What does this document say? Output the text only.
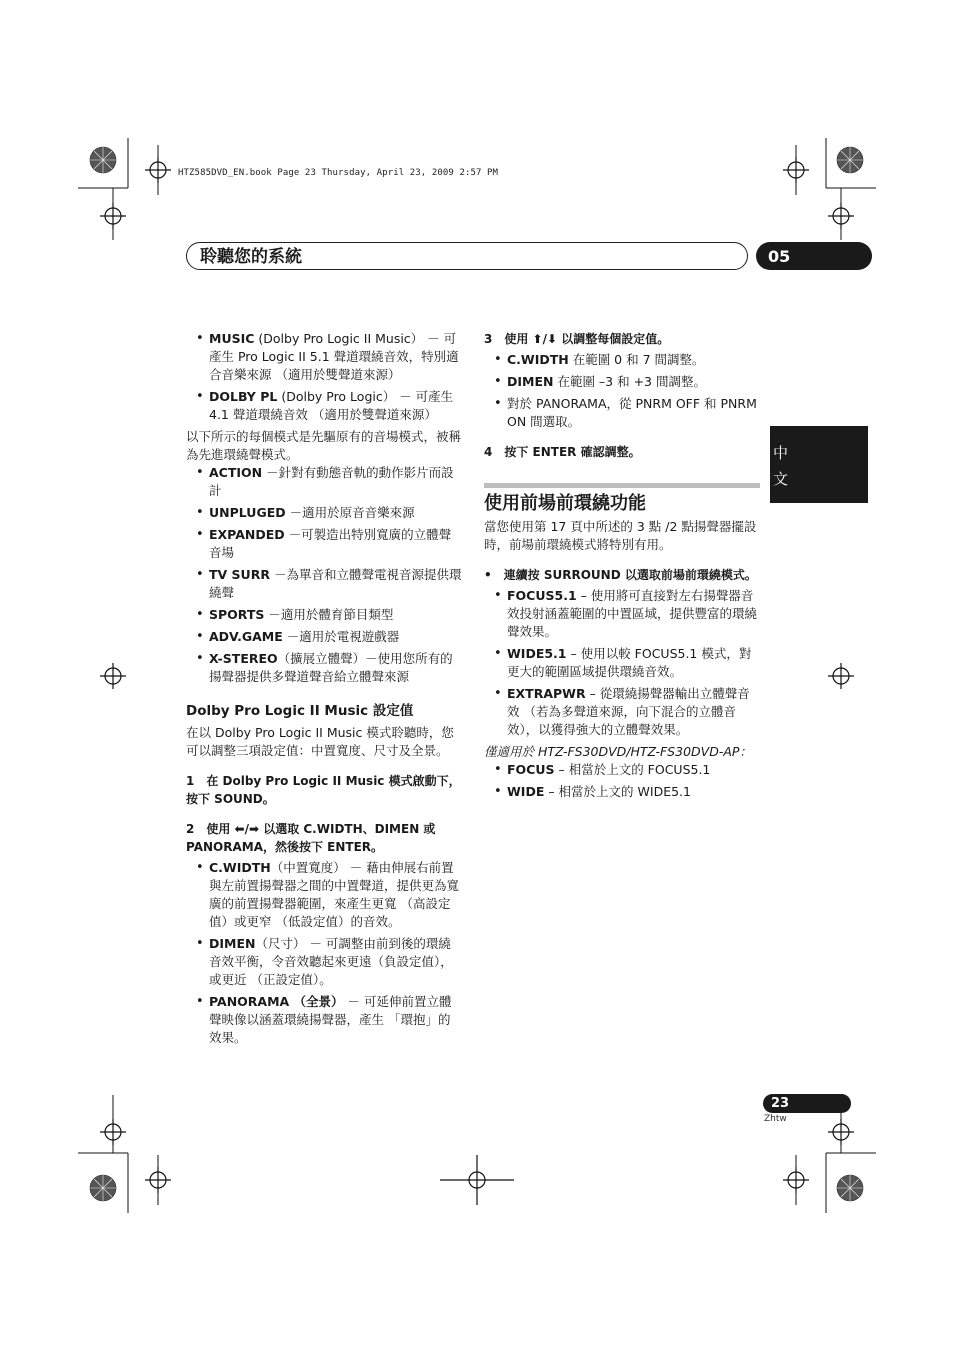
HTZ585DVD_EN.book Page 23 Thursday, April 23, 2009 2:57 PM
聆聽您的系統	05
中
文
• MUSIC (Dolby Pro Logic II Music） － 可產生 Pro Logic II 5.1 聲道環繞音效，特別適合音樂來源 （適用於雙聲道來源）
• DOLBY PL (Dolby Pro Logic） － 可產生 4.1 聲道環繞音效 （適用於雙聲道來源）

以下所示的每個模式是先驅原有的音場模式，被稱為先進環繞聲模式。

• ACTION －針對有動態音軌的動作影片而設計
• UNPLUGED －適用於原音音樂來源
• EXPANDED －可製造出特別寬廣的立體聲音場
• TV SURR －為單音和立體聲電視音源提供環繞聲
• SPORTS －適用於體育節目類型
• ADV.GAME －適用於電視遊戲器
• X-STEREO（擴展立體聲）－使用您所有的揚聲器提供多聲道聲音給立體聲來源
Dolby Pro Logic II Music 設定值

在以 Dolby Pro Logic II Music 模式聆聽時，您可以調整三項設定值：中置寬度、尺寸及全景。

1　在 Dolby Pro Logic II Music 模式啟動下，按下 SOUND。
2　使用 ⬅/➡ 以選取 C.WIDTH、DIMEN 或 PANORAMA，然後按下 ENTER。
• C.WIDTH（中置寬度） － 藉由伸展右前置與左前置揚聲器之間的中置聲道，提供更為寬廣的前置揚聲器範圍，來產生更寬 （高設定值）或更窄 （低設定值）的音效。
• DIMEN（尺寸） － 可調整由前到後的環繞音效平衡，令音效聽起來更遠（負設定值），或更近 （正設定值）。
• PANORAMA （全景） － 可延伸前置立體聲映像以涵蓋環繞揚聲器，產生 「環抱」的效果。
3　使用 ⬆/⬇ 以調整每個設定值。
• C.WIDTH 在範圍 0 和 7 間調整。
• DIMEN 在範圍 –3 和 +3 間調整。
• 對於 PANORAMA，從 PNRM OFF 和 PNRM ON 間選取。
4　按下 ENTER 確認調整。
使用前場前環繞功能

當您使用第 17 頁中所述的 3 點 /2 點揚聲器擺設時，前場前環繞模式將特別有用。

•　連續按 SURROUND 以選取前場前環繞模式。
• FOCUS5.1 – 使用將可直接對左右揚聲器音效投射涵蓋範圍的中置區域，提供豐富的環繞聲效果。
• WIDE5.1 – 使用以較 FOCUS5.1 模式，對更大的範圍區域提供環繞音效。
• EXTRAPWR – 從環繞揚聲器輸出立體聲音效 （若為多聲道來源，向下混合的立體音效），以獲得強大的立體聲效果。

僅適用於 HTZ-FS30DVD/HTZ-FS30DVD-AP：

• FOCUS – 相當於上文的 FOCUS5.1
• WIDE – 相當於上文的 WIDE5.1
23
Zhtw
